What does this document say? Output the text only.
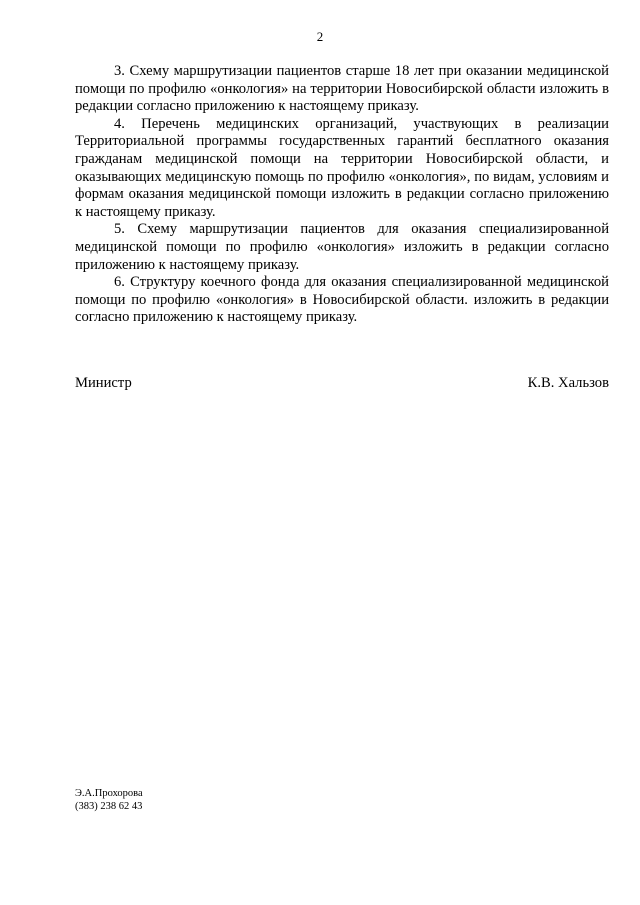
2

3. Схему маршрутизации пациентов старше 18 лет при оказании медицинской помощи по профилю «онкология» на территории Новосибирской области изложить в редакции согласно приложению к настоящему приказу.

4. Перечень медицинских организаций, участвующих в реализации Территориальной программы государственных гарантий бесплатного оказания гражданам медицинской помощи на территории Новосибирской области, и оказывающих медицинскую помощь по профилю «онкология», по видам, условиям и формам оказания медицинской помощи изложить в редакции согласно приложению к настоящему приказу.

5. Схему маршрутизации пациентов для оказания специализированной медицинской помощи по профилю «онкология» изложить в редакции согласно приложению к настоящему приказу.

6. Структуру коечного фонда для оказания специализированной медицинской помощи по профилю «онкология» в Новосибирской области. изложить в редакции согласно приложению к настоящему приказу.

Министр	К.В. Хальзов
Э.А.Прохорова
(383) 238 62 43
